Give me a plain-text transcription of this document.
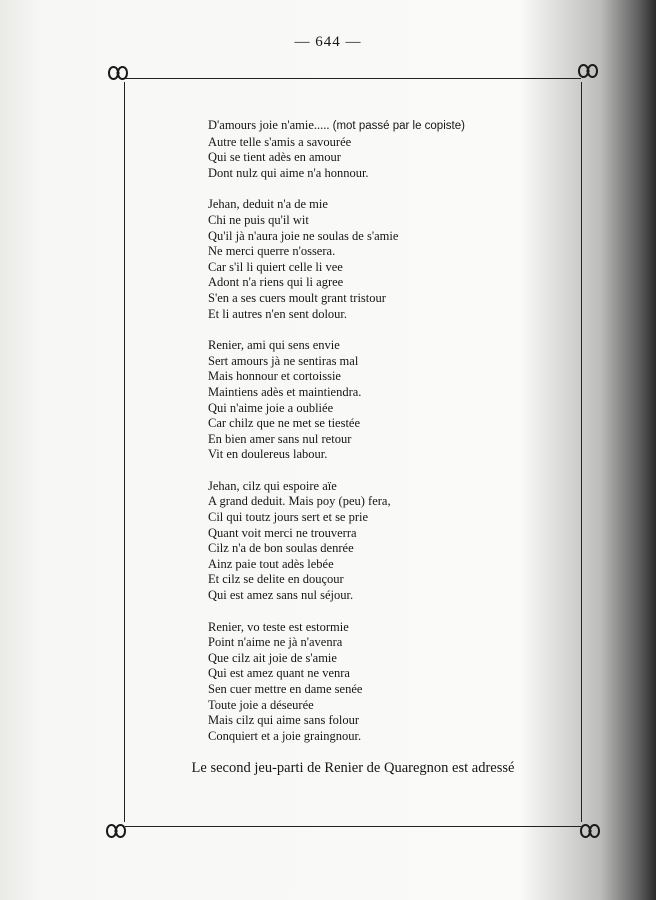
— 644 —
D'amours joie n'amie..... (mot passé par le copiste)
Autre telle s'amis a savourée
Qui se tient adès en amour
Dont nulz qui aime n'a honnour.
Jehan, deduit n'a de mie
Chi ne puis qu'il wit
Qu'il jà n'aura joie ne soulas de s'amie
Ne merci querre n'ossera.
Car s'il li quiert celle li vee
Adont n'a riens qui li agree
S'en a ses cuers moult grant tristour
Et li autres n'en sent dolour.
Renier, ami qui sens envie
Sert amours jà ne sentiras mal
Mais honnour et cortoissie
Maintiens adès et maintiendra.
Qui n'aime joie a oubliée
Car chilz que ne met se tiestée
En bien amer sans nul retour
Vit en doulereus labour.
Jehan, cilz qui espoire aïe
A grand deduit. Mais poy (peu) fera,
Cil qui toutz jours sert et se prie
Quant voit merci ne trouverra
Cilz n'a de bon soulas denrée
Ainz paie tout adès lebée
Et cilz se delite en douçour
Qui est amez sans nul séjour.
Renier, vo teste est estormie
Point n'aime ne jà n'avenra
Que cilz ait joie de s'amie
Qui est amez quant ne venra
Sen cuer mettre en dame senée
Toute joie a déseurée
Mais cilz qui aime sans folour
Conquiert et a joie graingnour.
Le second jeu-parti de Renier de Quaregnon est adressé
